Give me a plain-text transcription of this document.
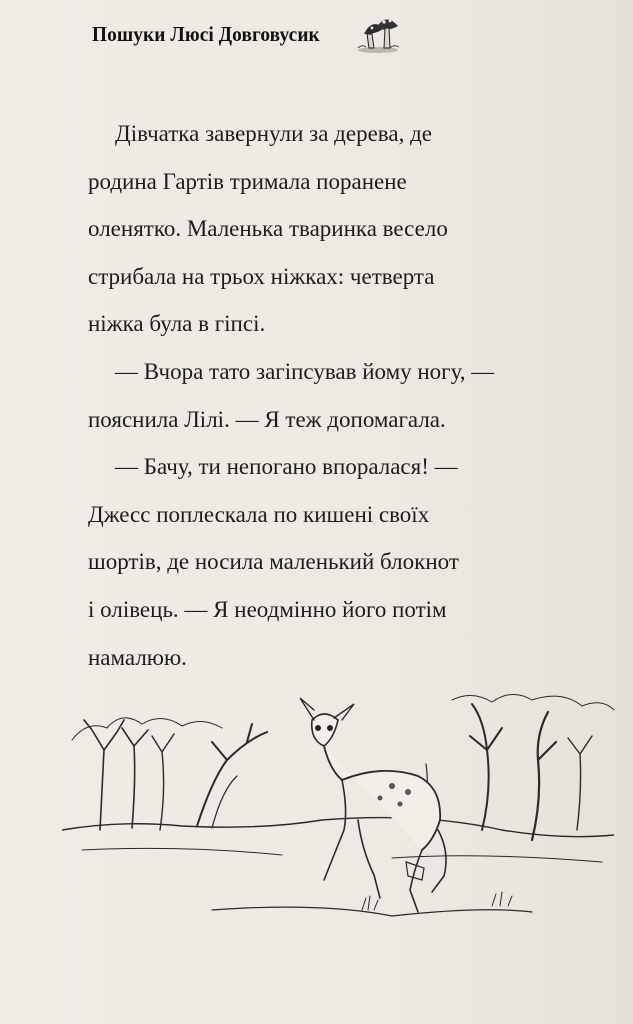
Пошуки Люсі Довговусик

Дівчатка завернули за дерева, де

родина Гартів тримала поранене

оленятко. Маленька тваринка весело

стрибала на трьох ніжках: четверта

ніжка була в гіпсі.

— Вчора тато загіпсував йому ногу, —

пояснила Лілі. — Я теж допомагала.

— Бачу, ти непогано впоралася! —

Джесс поплескала по кишені своїх

шортів, де носила маленький блокнот

і олівець. — Я неодмінно його потім

намалюю.
